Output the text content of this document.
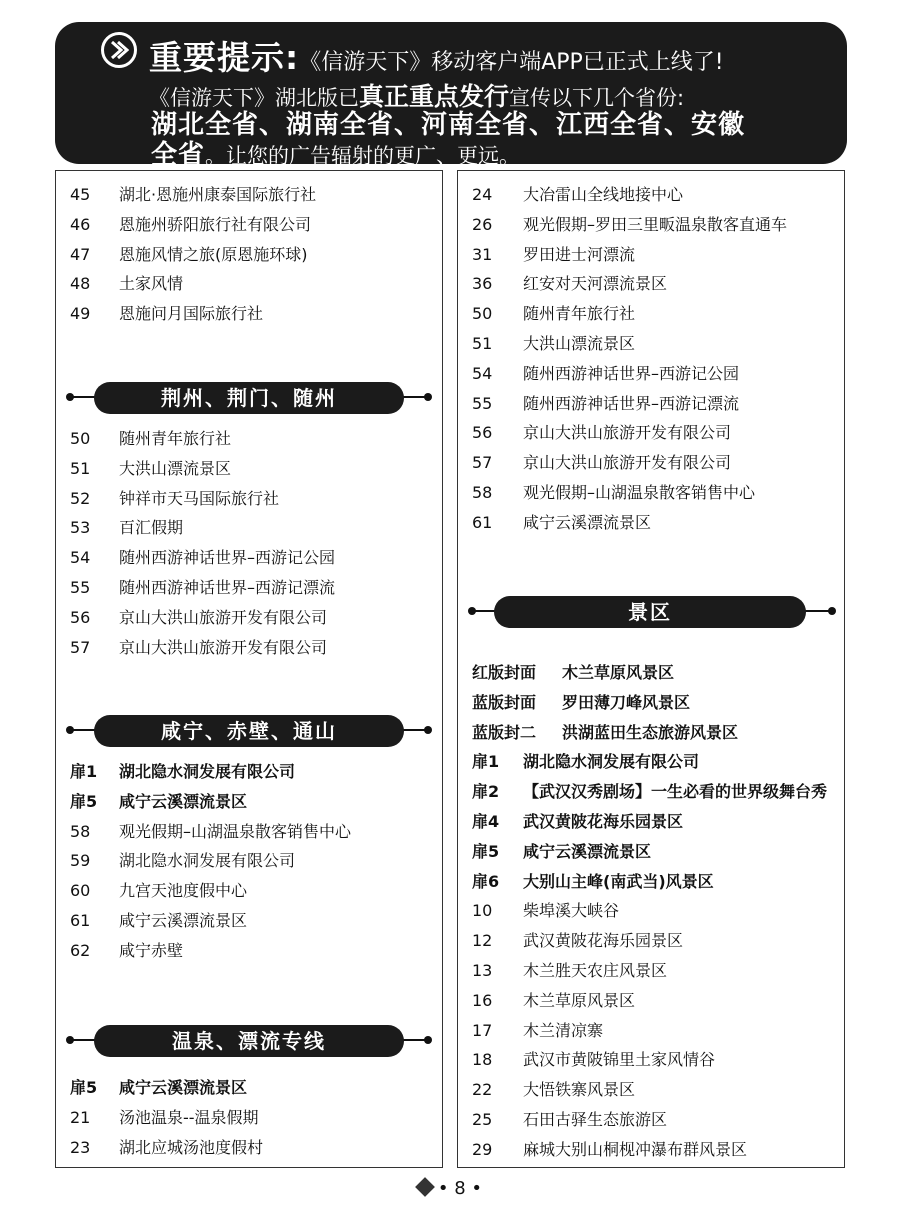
重要提示:《信游天下》移动客户端APP已正式上线了!
《信游天下》湖北版已真正重点发行宣传以下几个省份:
湖北全省、湖南全省、河南全省、江西全省、安徽
全省。让您的广告辐射的更广、更远。
45 湖北·恩施州康泰国际旅行社
46 恩施州骄阳旅行社有限公司
47 恩施风情之旅(原恩施环球)
48 土家风情
49 恩施问月国际旅行社
荆州、荆门、随州
50 随州青年旅行社
51 大洪山漂流景区
52 钟祥市天马国际旅行社
53 百汇假期
54 随州西游神话世界–西游记公园
55 随州西游神话世界–西游记漂流
56 京山大洪山旅游开发有限公司
57 京山大洪山旅游开发有限公司
咸宁、赤壁、通山
扉1 湖北隐水洞发展有限公司
扉5 咸宁云溪漂流景区
58 观光假期–山湖温泉散客销售中心
59 湖北隐水洞发展有限公司
60 九宫天池度假中心
61 咸宁云溪漂流景区
62 咸宁赤壁
温泉、漂流专线
扉5 咸宁云溪漂流景区
21 汤池温泉--温泉假期
23 湖北应城汤池度假村
24 大冶雷山全线地接中心
26 观光假期–罗田三里畈温泉散客直通车
31 罗田进士河漂流
36 红安对天河漂流景区
50 随州青年旅行社
51 大洪山漂流景区
54 随州西游神话世界–西游记公园
55 随州西游神话世界–西游记漂流
56 京山大洪山旅游开发有限公司
57 京山大洪山旅游开发有限公司
58 观光假期–山湖温泉散客销售中心
61 咸宁云溪漂流景区
景区
红版封面 木兰草原风景区
蓝版封面 罗田薄刀峰风景区
蓝版封二 洪湖蓝田生态旅游风景区
扉1 湖北隐水洞发展有限公司
扉2 【武汉汉秀剧场】一生必看的世界级舞台秀
扉4 武汉黄陂花海乐园景区
扉5 咸宁云溪漂流景区
扉6 大别山主峰(南武当)风景区
10 柴埠溪大峡谷
12 武汉黄陂花海乐园景区
13 木兰胜天农庄风景区
16 木兰草原风景区
17 木兰清凉寨
18 武汉市黄陂锦里土家风情谷
22 大悟铁寨风景区
25 石田古驿生态旅游区
29 麻城大别山桐枧冲瀑布群风景区
• 8 •
